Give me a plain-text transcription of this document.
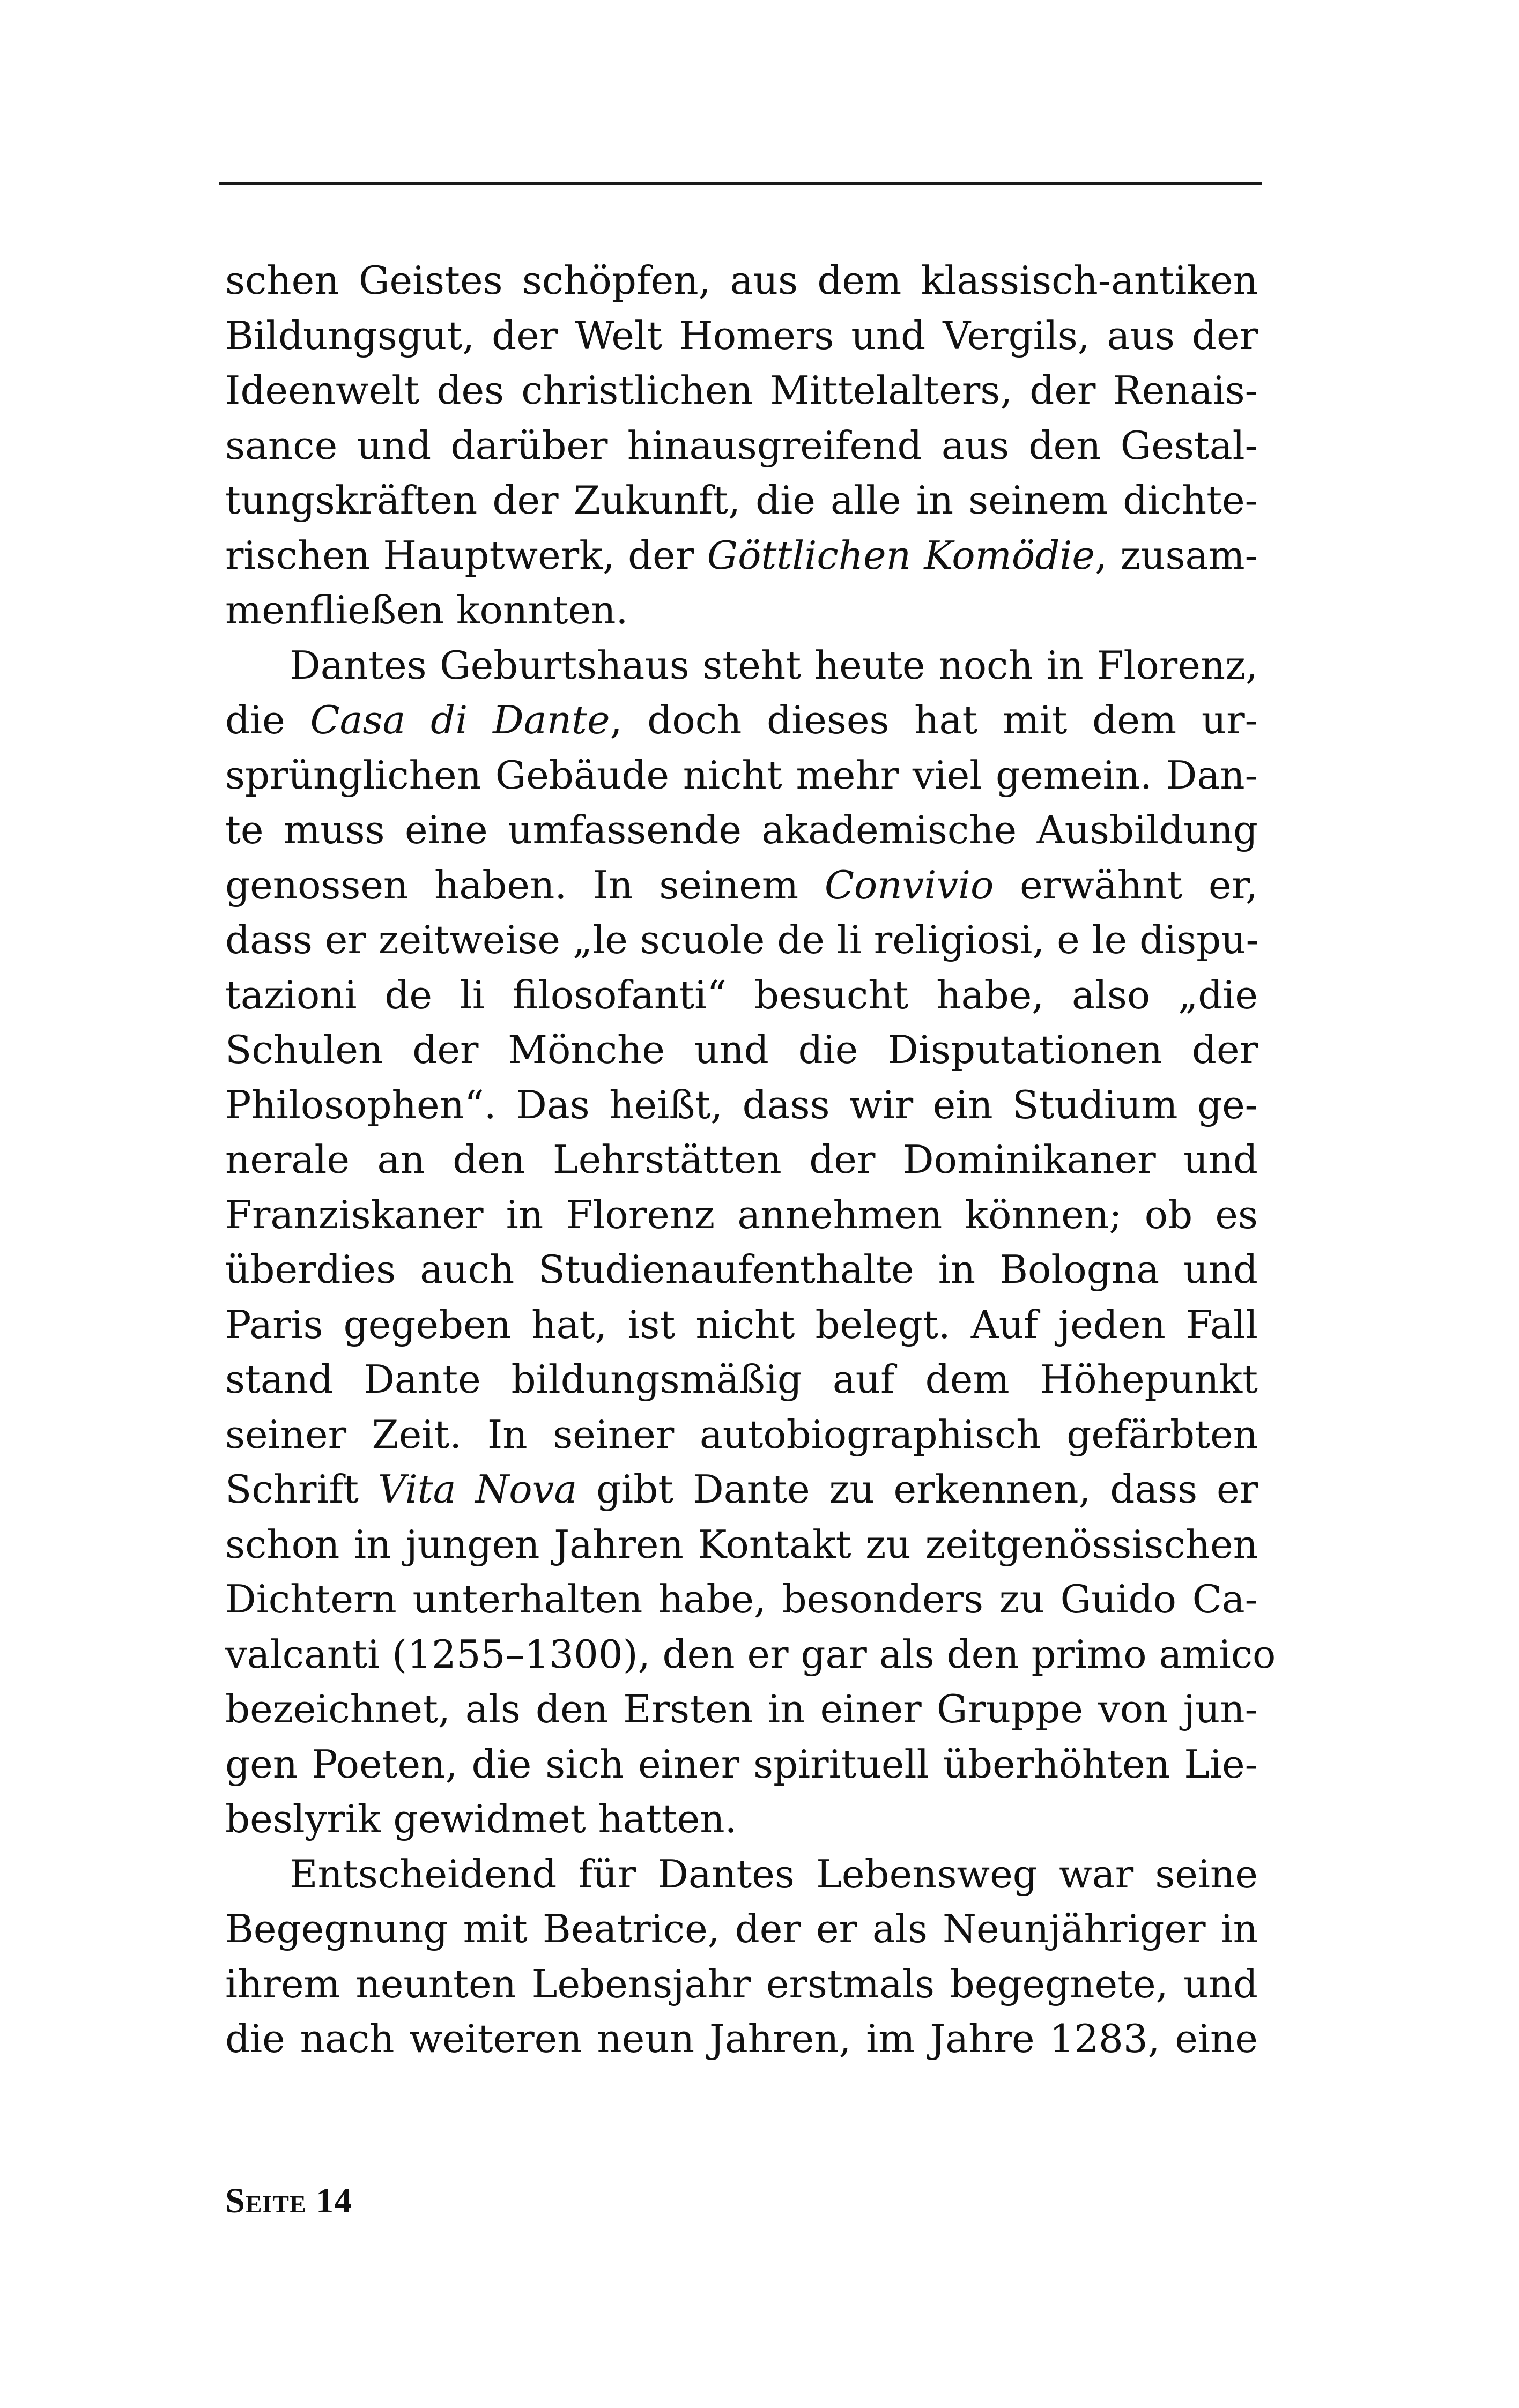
schen Geistes schöpfen, aus dem klassisch-antiken
Bildungsgut, der Welt Homers und Vergils, aus der
Ideenwelt des christlichen Mittelalters, der Renais-
sance und darüber hinausgreifend aus den Gestal-
tungskräften der Zukunft, die alle in seinem dichte-
rischen Hauptwerk, der Göttlichen Komödie, zusam-
menfließen konnten.
Dantes Geburtshaus steht heute noch in Florenz,
die Casa di Dante, doch dieses hat mit dem ur-
sprünglichen Gebäude nicht mehr viel gemein. Dan-
te muss eine umfassende akademische Ausbildung
genossen haben. In seinem Convivio erwähnt er,
dass er zeitweise „le scuole de li religiosi, e le dispu-
tazioni de li filosofanti“ besucht habe, also „die
Schulen der Mönche und die Disputationen der
Philosophen“. Das heißt, dass wir ein Studium ge-
nerale an den Lehrstätten der Dominikaner und
Franziskaner in Florenz annehmen können; ob es
überdies auch Studienaufenthalte in Bologna und
Paris gegeben hat, ist nicht belegt. Auf jeden Fall
stand Dante bildungsmäßig auf dem Höhepunkt
seiner Zeit. In seiner autobiographisch gefärbten
Schrift Vita Nova gibt Dante zu erkennen, dass er
schon in jungen Jahren Kontakt zu zeitgenössischen
Dichtern unterhalten habe, besonders zu Guido Ca-
valcanti (1255–1300), den er gar als den primo amico
bezeichnet, als den Ersten in einer Gruppe von jun-
gen Poeten, die sich einer spirituell überhöhten Lie-
beslyrik gewidmet hatten.
Entscheidend für Dantes Lebensweg war seine
Begegnung mit Beatrice, der er als Neunjähriger in
ihrem neunten Lebensjahr erstmals begegnete, und
die nach weiteren neun Jahren, im Jahre 1283, eine
Seite 14
